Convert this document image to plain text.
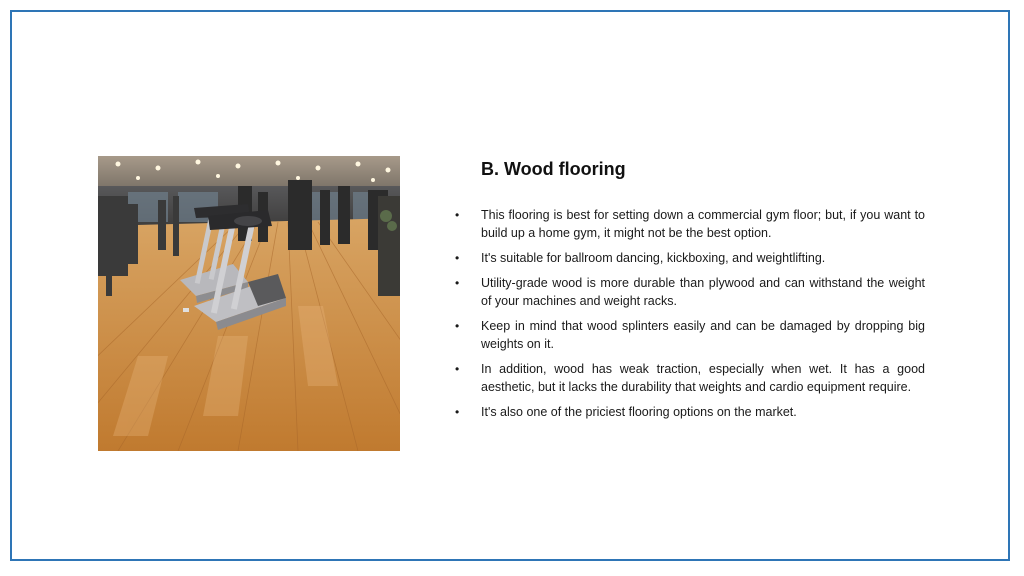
B. Wood flooring
• This flooring is best for setting down a commercial gym floor; but, if you want to build up a home gym, it might not be the best option.
• It's suitable for ballroom dancing, kickboxing, and weightlifting.
• Utility-grade wood is more durable than plywood and can withstand the weight of your machines and weight racks.
• Keep in mind that wood splinters easily and can be damaged by dropping big weights on it.
• In addition, wood has weak traction, especially when wet. It has a good aesthetic, but it lacks the durability that weights and cardio equipment require.
• It's also one of the priciest flooring options on the market.
